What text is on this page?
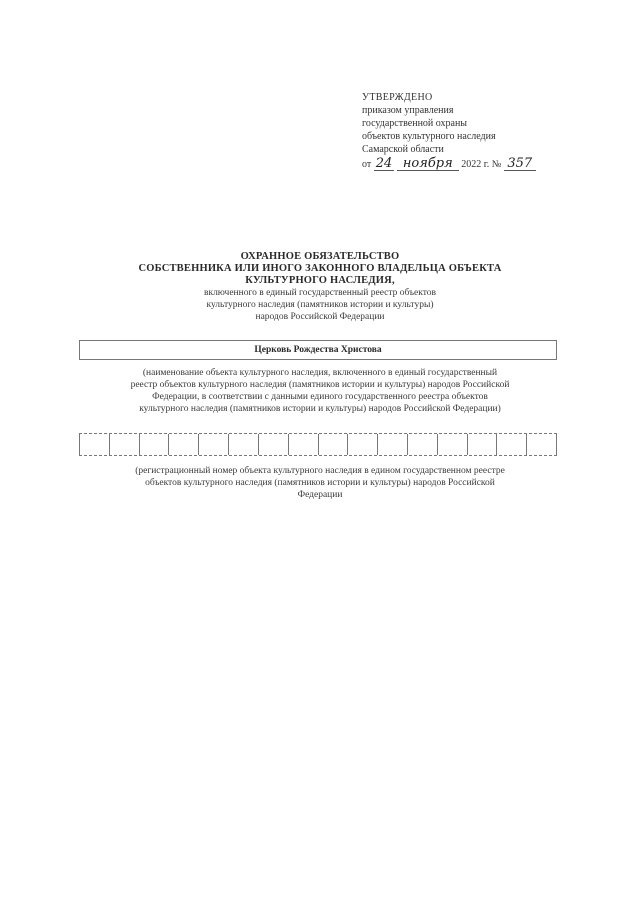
УТВЕРЖДЕНО
приказом управления
государственной охраны
объектов культурного наследия
Самарской области
от 24 ноября 2022 г. № 357
ОХРАННОЕ ОБЯЗАТЕЛЬСТВО
СОБСТВЕННИКА ИЛИ ИНОГО ЗАКОННОГО ВЛАДЕЛЬЦА ОБЪЕКТА
КУЛЬТУРНОГО НАСЛЕДИЯ,
включенного в единый государственный реестр объектов
культурного наследия (памятников истории и культуры)
народов Российской Федерации
Церковь Рождества Христова
(наименование объекта культурного наследия, включенного в единый государственный
реестр объектов культурного наследия (памятников истории и культуры) народов Российской
Федерации, в соответствии с данными единого государственного реестра объектов
культурного наследия (памятников истории и культуры) народов Российской Федерации)
(регистрационный номер объекта культурного наследия в едином государственном реестре
объектов культурного наследия (памятников истории и культуры) народов Российской
Федерации
